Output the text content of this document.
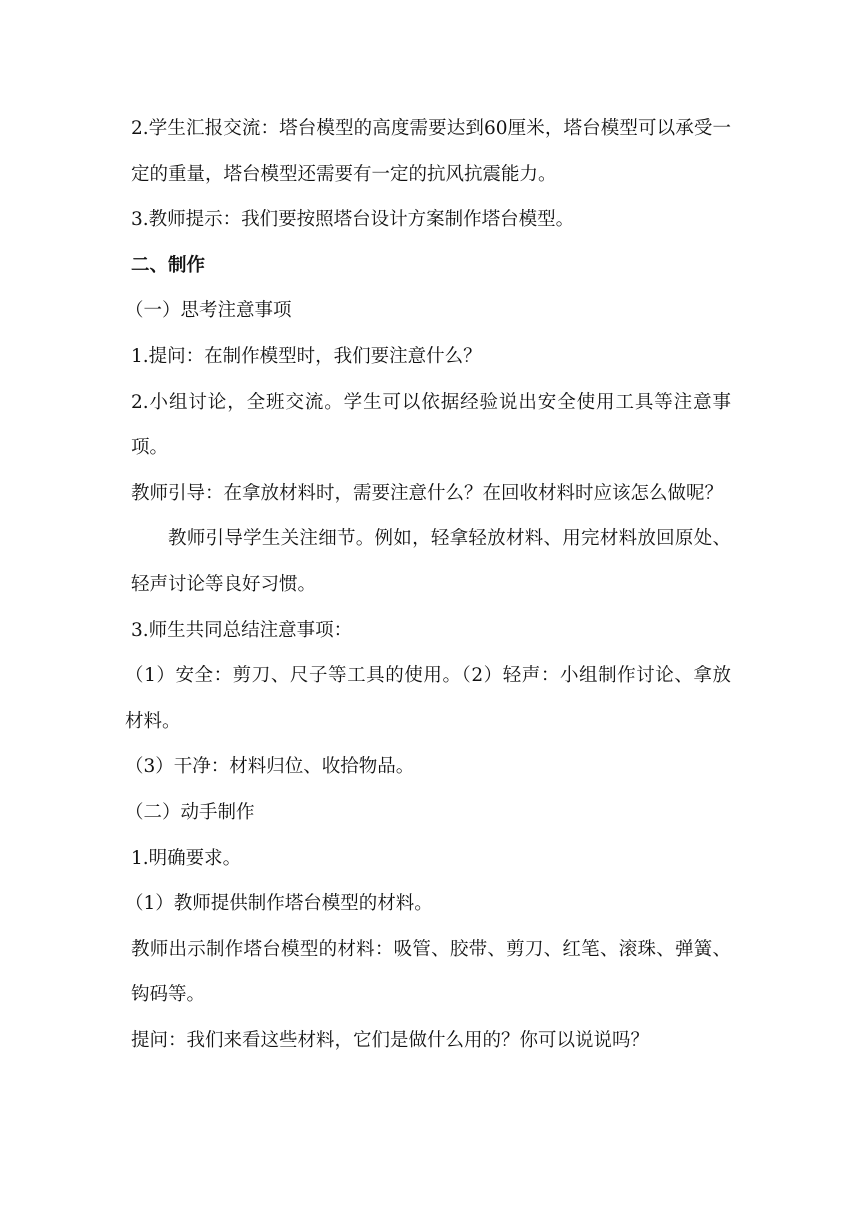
2.学生汇报交流：塔台模型的高度需要达到60厘米，塔台模型可以承受一定的重量，塔台模型还需要有一定的抗风抗震能力。

3.教师提示：我们要按照塔台设计方案制作塔台模型。

二、制作

（一）思考注意事项

1.提问：在制作模型时，我们要注意什么？

2.小组讨论，全班交流。学生可以依据经验说出安全使用工具等注意事项。

教师引导：在拿放材料时，需要注意什么？在回收材料时应该怎么做呢？

教师引导学生关注细节。例如，轻拿轻放材料、用完材料放回原处、轻声讨论等良好习惯。

3.师生共同总结注意事项：

（1）安全：剪刀、尺子等工具的使用。（2）轻声：小组制作讨论、拿放材料。

（3）干净：材料归位、收拾物品。

（二）动手制作

1.明确要求。

（1）教师提供制作塔台模型的材料。

教师出示制作塔台模型的材料：吸管、胶带、剪刀、红笔、滚珠、弹簧、钩码等。

提问：我们来看这些材料，它们是做什么用的？你可以说说吗？
